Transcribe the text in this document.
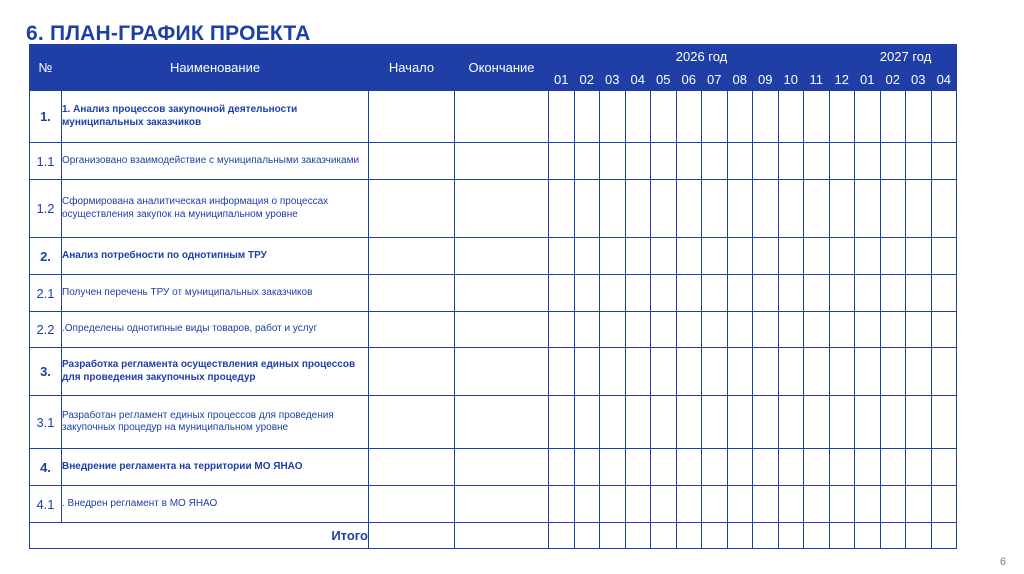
6. ПЛАН-ГРАФИК ПРОЕКТА
№	Наименование	Начало	Окончание	2026 год												2027 год			
				01	02	03	04	05	06	07	08	09	10	11	12	01	02	03	04
1.	1. Анализ процессов закупочной деятельности муниципальных заказчиков																		
1.1	Организовано взаимодействие с муниципальными заказчиками																		
1.2	Сформирована аналитическая информация о процессах осуществления закупок на муниципальном уровне																		
2.	Анализ потребности по однотипным ТРУ																		
2.1	Получен перечень ТРУ от муниципальных заказчиков																		
2.2	.Определены однотипные виды товаров, работ и услуг																		
3.	Разработка регламента осуществления единых процессов для проведения закупочных процедур																		
3.1	Разработан регламент единых процессов для проведения закупочных процедур на муниципальном уровне																		
4.	Внедрение регламента на территории МО ЯНАО																		
4.1	. Внедрен регламент в МО ЯНАО																		
Итого																			
6
